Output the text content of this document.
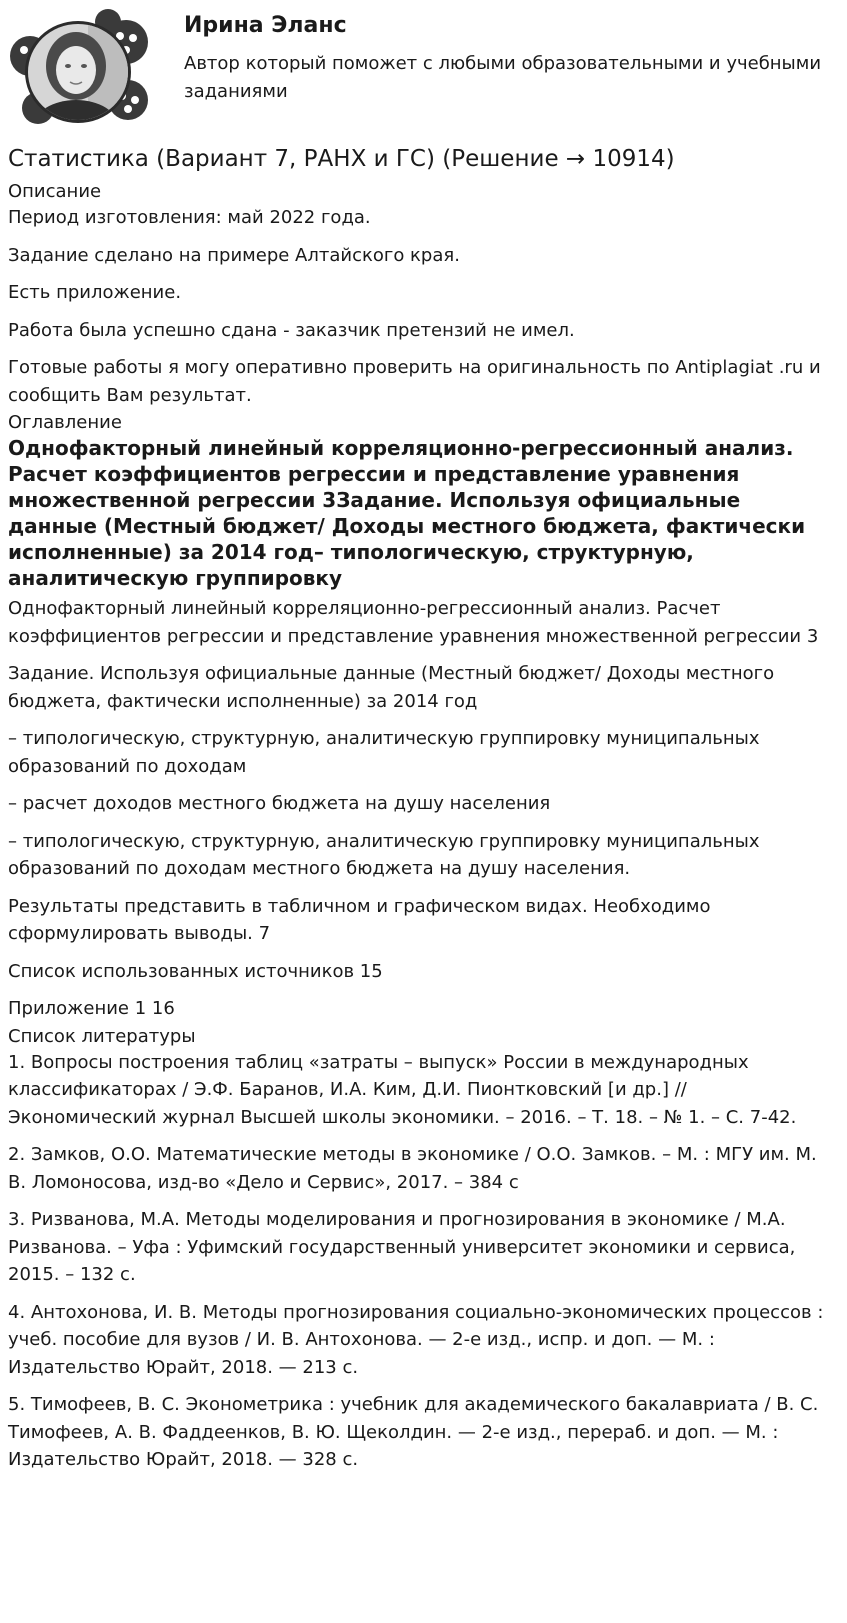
Ирина Эланс

Автор который поможет с любыми образовательными и учебными заданиями

Статистика (Вариант 7, РАНХ и ГС) (Решение → 10914)
Описание

Период изготовления: май 2022 года.

Задание сделано на примере Алтайского края.

Есть приложение.

Работа была успешно сдана - заказчик претензий не имел.

Готовые работы я могу оперативно проверить на оригинальность по Antiplagiat .ru и сообщить Вам результат.

Оглавление
Однофакторный линейный корреляционно-регрессионный анализ. Расчет коэффициентов регрессии и представление уравнения множественной регрессии 3Задание. Используя официальные данные (Местный бюджет/ Доходы местного бюджета, фактически исполненные) за 2014 год– типологическую, структурную, аналитическую группировку

Однофакторный линейный корреляционно-регрессионный анализ. Расчет коэффициентов регрессии и представление уравнения множественной регрессии 3

Задание. Используя официальные данные (Местный бюджет/ Доходы местного бюджета, фактически исполненные) за 2014 год

– типологическую, структурную, аналитическую группировку муниципальных образований по доходам

– расчет доходов местного бюджета на душу населения

– типологическую, структурную, аналитическую группировку муниципальных образований по доходам местного бюджета на душу населения.

Результаты представить в табличном и графическом видах. Необходимо сформулировать выводы. 7

Список использованных источников 15

Приложение 1 16

Список литературы

1. Вопросы построения таблиц «затраты – выпуск» России в международных классификаторах / Э.Ф. Баранов, И.А. Ким, Д.И. Пионтковский [и др.] // Экономический журнал Высшей школы экономики. – 2016. – Т. 18. – № 1. – С. 7-42.

2. Замков, О.О. Математические методы в экономике / О.О. Замков. – М. : МГУ им. М. В. Ломоносова, изд-во «Дело и Сервис», 2017. – 384 с

3. Ризванова, М.А. Методы моделирования и прогнозирования в экономике / М.А. Ризванова. – Уфа : Уфимский государственный университет экономики и сервиса, 2015. – 132 с.

4. Антохонова, И. В. Методы прогнозирования социально-экономических процессов : учеб. пособие для вузов / И. В. Антохонова. — 2-е изд., испр. и доп. — М. : Издательство Юрайт, 2018. — 213 с.

5. Тимофеев, В. С. Эконометрика : учебник для академического бакалавриата / В. С. Тимофеев, А. В. Фаддеенков, В. Ю. Щеколдин. — 2-е изд., перераб. и доп. — М. : Издательство Юрайт, 2018. — 328 с.
